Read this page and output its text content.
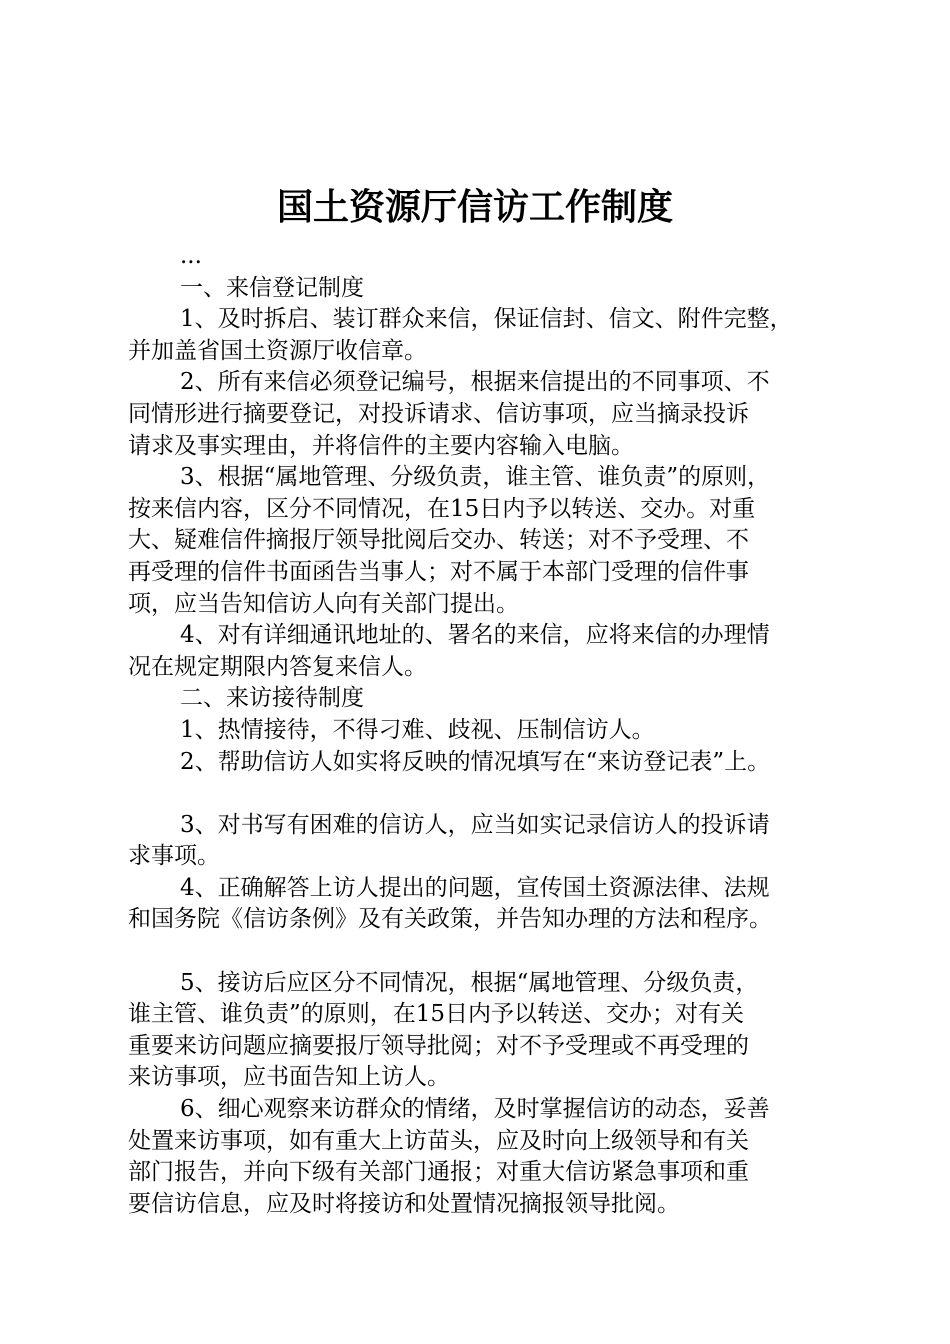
国土资源厅信访工作制度
...
一、来信登记制度
1、及时拆启、装订群众来信，保证信封、信文、附件完整，
并加盖省国土资源厅收信章。
2、所有来信必须登记编号，根据来信提出的不同事项、不
同情形进行摘要登记，对投诉请求、信访事项，应当摘录投诉
请求及事实理由，并将信件的主要内容输入电脑。
3、根据“属地管理、分级负责，谁主管、谁负责”的原则，
按来信内容，区分不同情况，在15日内予以转送、交办。对重
大、疑难信件摘报厅领导批阅后交办、转送；对不予受理、不
再受理的信件书面函告当事人；对不属于本部门受理的信件事
项，应当告知信访人向有关部门提出。
4、对有详细通讯地址的、署名的来信，应将来信的办理情
况在规定期限内答复来信人。
二、来访接待制度
1、热情接待，不得刁难、歧视、压制信访人。
2、帮助信访人如实将反映的情况填写在“来访登记表”上。
3、对书写有困难的信访人，应当如实记录信访人的投诉请
求事项。
4、正确解答上访人提出的问题，宣传国土资源法律、法规
和国务院《信访条例》及有关政策，并告知办理的方法和程序。
5、接访后应区分不同情况，根据“属地管理、分级负责，
谁主管、谁负责”的原则，在15日内予以转送、交办；对有关
重要来访问题应摘要报厅领导批阅；对不予受理或不再受理的
来访事项，应书面告知上访人。
6、细心观察来访群众的情绪，及时掌握信访的动态，妥善
处置来访事项，如有重大上访苗头，应及时向上级领导和有关
部门报告，并向下级有关部门通报；对重大信访紧急事项和重
要信访信息，应及时将接访和处置情况摘报领导批阅。
